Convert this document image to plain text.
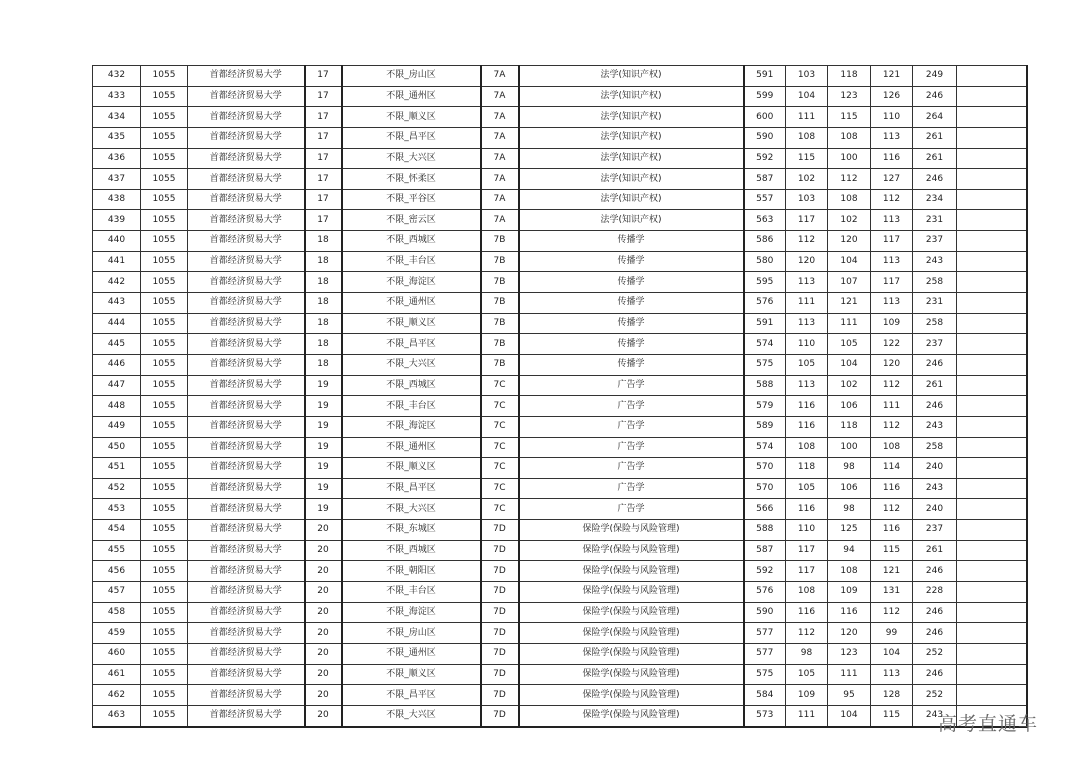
432	1055	首都经济贸易大学	17	不限_房山区	7A	法学(知识产权)	591	103	118	121	249	
433	1055	首都经济贸易大学	17	不限_通州区	7A	法学(知识产权)	599	104	123	126	246	
434	1055	首都经济贸易大学	17	不限_顺义区	7A	法学(知识产权)	600	111	115	110	264	
435	1055	首都经济贸易大学	17	不限_昌平区	7A	法学(知识产权)	590	108	108	113	261	
436	1055	首都经济贸易大学	17	不限_大兴区	7A	法学(知识产权)	592	115	100	116	261	
437	1055	首都经济贸易大学	17	不限_怀柔区	7A	法学(知识产权)	587	102	112	127	246	
438	1055	首都经济贸易大学	17	不限_平谷区	7A	法学(知识产权)	557	103	108	112	234	
439	1055	首都经济贸易大学	17	不限_密云区	7A	法学(知识产权)	563	117	102	113	231	
440	1055	首都经济贸易大学	18	不限_西城区	7B	传播学	586	112	120	117	237	
441	1055	首都经济贸易大学	18	不限_丰台区	7B	传播学	580	120	104	113	243	
442	1055	首都经济贸易大学	18	不限_海淀区	7B	传播学	595	113	107	117	258	
443	1055	首都经济贸易大学	18	不限_通州区	7B	传播学	576	111	121	113	231	
444	1055	首都经济贸易大学	18	不限_顺义区	7B	传播学	591	113	111	109	258	
445	1055	首都经济贸易大学	18	不限_昌平区	7B	传播学	574	110	105	122	237	
446	1055	首都经济贸易大学	18	不限_大兴区	7B	传播学	575	105	104	120	246	
447	1055	首都经济贸易大学	19	不限_西城区	7C	广告学	588	113	102	112	261	
448	1055	首都经济贸易大学	19	不限_丰台区	7C	广告学	579	116	106	111	246	
449	1055	首都经济贸易大学	19	不限_海淀区	7C	广告学	589	116	118	112	243	
450	1055	首都经济贸易大学	19	不限_通州区	7C	广告学	574	108	100	108	258	
451	1055	首都经济贸易大学	19	不限_顺义区	7C	广告学	570	118	98	114	240	
452	1055	首都经济贸易大学	19	不限_昌平区	7C	广告学	570	105	106	116	243	
453	1055	首都经济贸易大学	19	不限_大兴区	7C	广告学	566	116	98	112	240	
454	1055	首都经济贸易大学	20	不限_东城区	7D	保险学(保险与风险管理)	588	110	125	116	237	
455	1055	首都经济贸易大学	20	不限_西城区	7D	保险学(保险与风险管理)	587	117	94	115	261	
456	1055	首都经济贸易大学	20	不限_朝阳区	7D	保险学(保险与风险管理)	592	117	108	121	246	
457	1055	首都经济贸易大学	20	不限_丰台区	7D	保险学(保险与风险管理)	576	108	109	131	228	
458	1055	首都经济贸易大学	20	不限_海淀区	7D	保险学(保险与风险管理)	590	116	116	112	246	
459	1055	首都经济贸易大学	20	不限_房山区	7D	保险学(保险与风险管理)	577	112	120	99	246	
460	1055	首都经济贸易大学	20	不限_通州区	7D	保险学(保险与风险管理)	577	98	123	104	252	
461	1055	首都经济贸易大学	20	不限_顺义区	7D	保险学(保险与风险管理)	575	105	111	113	246	
462	1055	首都经济贸易大学	20	不限_昌平区	7D	保险学(保险与风险管理)	584	109	95	128	252	
463	1055	首都经济贸易大学	20	不限_大兴区	7D	保险学(保险与风险管理)	573	111	104	115	243	
高考直通车
